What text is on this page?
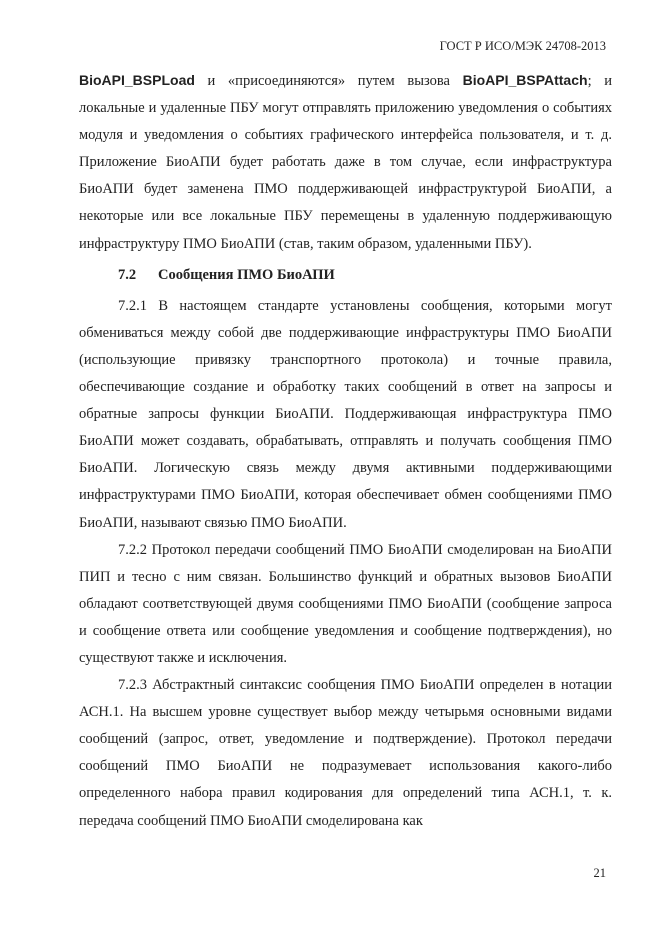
ГОСТ Р ИСО/МЭК 24708-2013

BioAPI_BSPLoad и «присоединяются» путем вызова BioAPI_BSPAttach; и локальные и удаленные ПБУ могут отправлять приложению уведомления о событиях модуля и уведомления о событиях графического интерфейса пользователя, и т. д. Приложение БиоАПИ будет работать даже в том случае, если инфраструктура БиоАПИ будет заменена ПМО поддерживающей инфраструктурой БиоАПИ, а некоторые или все локальные ПБУ перемещены в удаленную поддерживающую инфраструктуру ПМО БиоАПИ (став, таким образом, удаленными ПБУ).

7.2 Сообщения ПМО БиоАПИ

7.2.1 В настоящем стандарте установлены сообщения, которыми могут обмениваться между собой две поддерживающие инфраструктуры ПМО БиоАПИ (использующие привязку транспортного протокола) и точные правила, обеспечивающие создание и обработку таких сообщений в ответ на запросы и обратные запросы функции БиоАПИ. Поддерживающая инфраструктура ПМО БиоАПИ может создавать, обрабатывать, отправлять и получать сообщения ПМО БиоАПИ. Логическую связь между двумя активными поддерживающими инфраструктурами ПМО БиоАПИ, которая обеспечивает обмен сообщениями ПМО БиоАПИ, называют связью ПМО БиоАПИ.

7.2.2 Протокол передачи сообщений ПМО БиоАПИ смоделирован на БиоАПИ ПИП и тесно с ним связан. Большинство функций и обратных вызовов БиоАПИ обладают соответствующей двумя сообщениями ПМО БиоАПИ (сообщение запроса и сообщение ответа или сообщение уведомления и сообщение подтверждения), но существуют также и исключения.

7.2.3 Абстрактный синтаксис сообщения ПМО БиоАПИ определен в нотации АСН.1. На высшем уровне существует выбор между четырьмя основными видами сообщений (запрос, ответ, уведомление и подтверждение). Протокол передачи сообщений ПМО БиоАПИ не подразумевает использования какого-либо определенного набора правил кодирования для определений типа АСН.1, т. к. передача сообщений ПМО БиоАПИ смоделирована как

21
